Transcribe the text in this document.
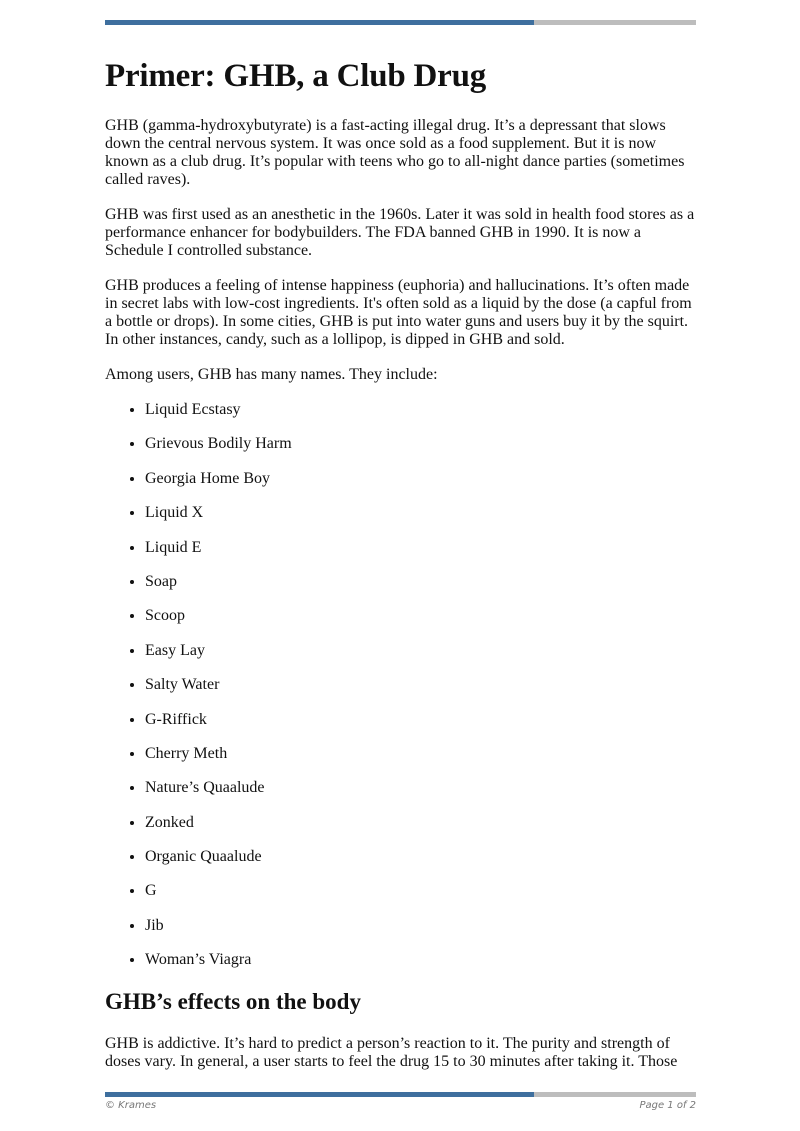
Primer: GHB, a Club Drug

GHB (gamma-hydroxybutyrate) is a fast-acting illegal drug. It’s a depressant that slows down the central nervous system. It was once sold as a food supplement. But it is now known as a club drug. It’s popular with teens who go to all-night dance parties (sometimes called raves).

GHB was first used as an anesthetic in the 1960s. Later it was sold in health food stores as a performance enhancer for bodybuilders. The FDA banned GHB in 1990. It is now a Schedule I controlled substance.

GHB produces a feeling of intense happiness (euphoria) and hallucinations. It’s often made in secret labs with low-cost ingredients. It's often sold as a liquid by the dose (a capful from a bottle or drops). In some cities, GHB is put into water guns and users buy it by the squirt. In other instances, candy, such as a lollipop, is dipped in GHB and sold.

Among users, GHB has many names. They include:

• Liquid Ecstasy
• Grievous Bodily Harm
• Georgia Home Boy
• Liquid X
• Liquid E
• Soap
• Scoop
• Easy Lay
• Salty Water
• G-Riffick
• Cherry Meth
• Nature’s Quaalude
• Zonked
• Organic Quaalude
• G
• Jib
• Woman’s Viagra
GHB’s effects on the body

GHB is addictive. It’s hard to predict a person’s reaction to it. The purity and strength of doses vary. In general, a user starts to feel the drug 15 to 30 minutes after taking it. Those

© Krames	Page 1 of 2
